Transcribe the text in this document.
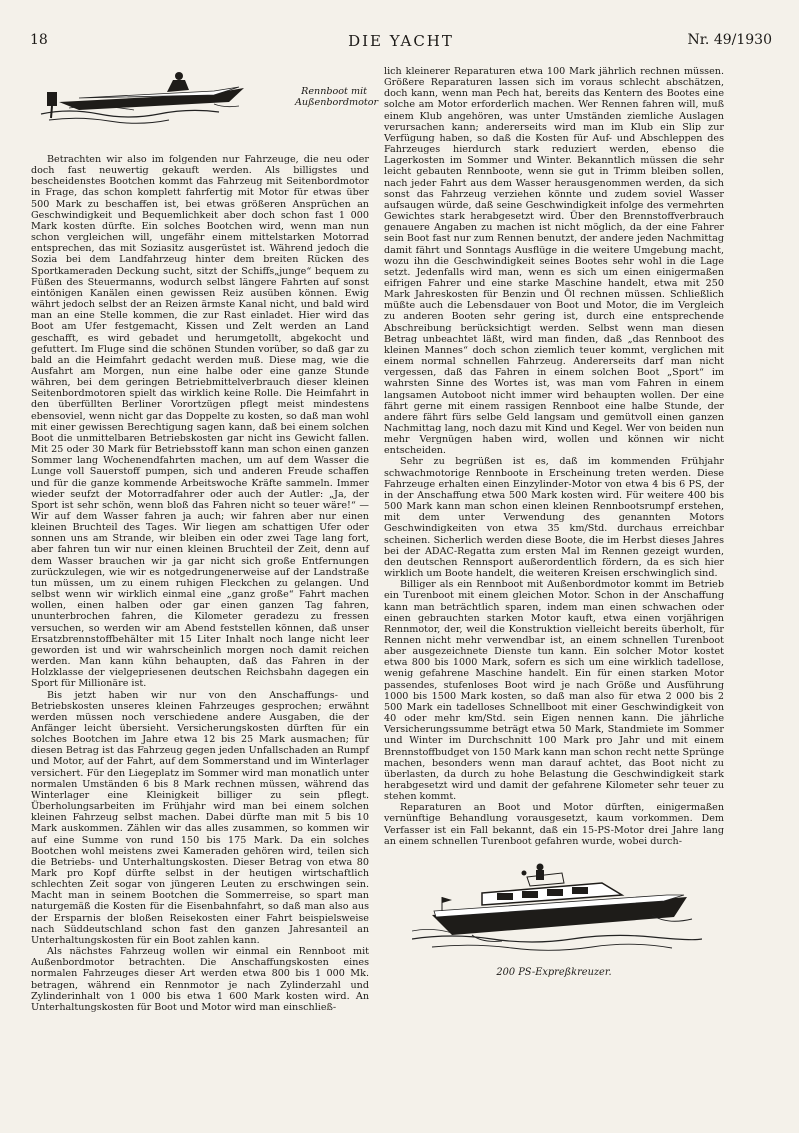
18	DIE YACHT	Nr. 49/1930
Rennboot mit Außenbordmotor

Betrachten wir also im folgenden nur Fahrzeuge, die neu oder doch fast neuwertig gekauft werden. Als billigstes und bescheidenstes Bootchen kommt das Fahrzeug mit Seitenbordmotor in Frage, das schon komplett fahrfertig mit Motor für etwas über 500 Mark zu beschaffen ist, bei etwas größeren Ansprüchen an Geschwindigkeit und Bequemlichkeit aber doch schon fast 1 000 Mark kosten dürfte. Ein solches Bootchen wird, wenn man nun schon vergleichen will, ungefähr einem mittelstarken Motorrad entsprechen, das mit Soziasitz ausgerüstet ist. Während jedoch die Sozia bei dem Landfahrzeug hinter dem breiten Rücken des Sportkameraden Deckung sucht, sitzt der Schiffs„junge“ bequem zu Füßen des Steuermanns, wodurch selbst längere Fahrten auf sonst eintönigen Kanälen einen gewissen Reiz ausüben können. Ewig währt jedoch selbst der an Reizen ärmste Kanal nicht, und bald wird man an eine Stelle kommen, die zur Rast einladet. Hier wird das Boot am Ufer festgemacht, Kissen und Zelt werden an Land geschafft, es wird gebadet und herumgetollt, abgekocht und gefuttert. Im Fluge sind die schönen Stunden vorüber, so daß gar zu bald an die Heimfahrt gedacht werden muß. Diese mag, wie die Ausfahrt am Morgen, nun eine halbe oder eine ganze Stunde währen, bei dem geringen Betriebmittelverbrauch dieser kleinen Seitenbordmotoren spielt das wirklich keine Rolle. Die Heimfahrt in den überfüllten Berliner Vorortzügen pflegt meist mindestens ebensoviel, wenn nicht gar das Doppelte zu kosten, so daß man wohl mit einer gewissen Berechtigung sagen kann, daß bei einem solchen Boot die unmittelbaren Betriebskosten gar nicht ins Gewicht fallen. Mit 25 oder 30 Mark für Betriebsstoff kann man schon einen ganzen Sommer lang Wochenendfahrten machen, um auf dem Wasser die Lunge voll Sauerstoff pumpen, sich und anderen Freude schaffen und für die ganze kommende Arbeitswoche Kräfte sammeln. Immer wieder seufzt der Motorradfahrer oder auch der Autler: „Ja, der Sport ist sehr schön, wenn bloß das Fahren nicht so teuer wäre!“ — Wir auf dem Wasser fahren ja auch; wir fahren aber nur einen kleinen Bruchteil des Tages. Wir liegen am schattigen Ufer oder sonnen uns am Strande, wir bleiben ein oder zwei Tage lang fort, aber fahren tun wir nur einen kleinen Bruchteil der Zeit, denn auf dem Wasser brauchen wir ja gar nicht sich große Entfernungen zurückzulegen, wie wir es notgedrungenerweise auf der Landstraße tun müssen, um zu einem ruhigen Fleckchen zu gelangen. Und selbst wenn wir wirklich einmal eine „ganz große“ Fahrt machen wollen, einen halben oder gar einen ganzen Tag fahren, ununterbrochen fahren, die Kilometer geradezu zu fressen versuchen, so werden wir am Abend feststellen können, daß unser Ersatzbrennstoffbehälter mit 15 Liter Inhalt noch lange nicht leer geworden ist und wir wahrscheinlich morgen noch damit reichen werden. Man kann kühn behaupten, daß das Fahren in der Holzklasse der vielgepriesenen deutschen Reichsbahn dagegen ein Sport für Millionäre ist.

Bis jetzt haben wir nur von den Anschaffungs- und Betriebskosten unseres kleinen Fahrzeuges gesprochen; erwähnt werden müssen noch verschiedene andere Ausgaben, die der Anfänger leicht übersieht. Versicherungskosten dürften für ein solches Bootchen im Jahre etwa 12 bis 25 Mark ausmachen; für diesen Betrag ist das Fahrzeug gegen jeden Unfallschaden an Rumpf und Motor, auf der Fahrt, auf dem Sommerstand und im Winterlager versichert. Für den Liegeplatz im Sommer wird man monatlich unter normalen Umständen 6 bis 8 Mark rechnen müssen, während das Winterlager eine Kleinigkeit billiger zu sein pflegt. Überholungsarbeiten im Frühjahr wird man bei einem solchen kleinen Fahrzeug selbst machen. Dabei dürfte man mit 5 bis 10 Mark auskommen. Zählen wir das alles zusammen, so kommen wir auf eine Summe von rund 150 bis 175 Mark. Da ein solches Bootchen wohl meistens zwei Kameraden gehören wird, teilen sich die Betriebs- und Unterhaltungskosten. Dieser Betrag von etwa 80 Mark pro Kopf dürfte selbst in der heutigen wirtschaftlich schlechten Zeit sogar von jüngeren Leuten zu erschwingen sein. Macht man in seinem Bootchen die Sommerreise, so spart man naturgemäß die Kosten für die Eisenbahnfahrt, so daß man also aus der Ersparnis der bloßen Reisekosten einer Fahrt beispielsweise nach Süddeutschland schon fast den ganzen Jahresanteil an Unterhaltungskosten für ein Boot zahlen kann.

Als nächstes Fahrzeug wollen wir einmal ein Rennboot mit Außenbordmotor betrachten. Die Anschaffungskosten eines normalen Fahrzeuges dieser Art werden etwa 800 bis 1 000 Mk. betragen, während ein Rennmotor je nach Zylinderzahl und Zylinderinhalt von 1 000 bis etwa 1 600 Mark kosten wird. An Unterhaltungskosten für Boot und Motor wird man einschließ-

lich kleinerer Reparaturen etwa 100 Mark jährlich rechnen müssen. Größere Reparaturen lassen sich im voraus schlecht abschätzen, doch kann, wenn man Pech hat, bereits das Kentern des Bootes eine solche am Motor erforderlich machen. Wer Rennen fahren will, muß einem Klub angehören, was unter Umständen ziemliche Auslagen verursachen kann; andererseits wird man im Klub ein Slip zur Verfügung haben, so daß die Kosten für Auf- und Abschleppen des Fahrzeuges hierdurch stark reduziert werden, ebenso die Lagerkosten im Sommer und Winter. Bekanntlich müssen die sehr leicht gebauten Rennboote, wenn sie gut in Trimm bleiben sollen, nach jeder Fahrt aus dem Wasser herausgenommen werden, da sich sonst das Fahrzeug verziehen könnte und zudem soviel Wasser aufsaugen würde, daß seine Geschwindigkeit infolge des vermehrten Gewichtes stark herabgesetzt wird. Über den Brennstoffverbrauch genauere Angaben zu machen ist nicht möglich, da der eine Fahrer sein Boot fast nur zum Rennen benutzt, der andere jeden Nachmittag damit fährt und Sonntags Ausflüge in die weitere Umgebung macht, wozu ihn die Geschwindigkeit seines Bootes sehr wohl in die Lage setzt. Jedenfalls wird man, wenn es sich um einen einigermaßen eifrigen Fahrer und eine starke Maschine handelt, etwa mit 250 Mark Jahreskosten für Benzin und Öl rechnen müssen. Schließlich müßte auch die Lebensdauer von Boot und Motor, die im Vergleich zu anderen Booten sehr gering ist, durch eine entsprechende Abschreibung berücksichtigt werden. Selbst wenn man diesen Betrag unbeachtet läßt, wird man finden, daß „das Rennboot des kleinen Mannes“ doch schon ziemlich teuer kommt, verglichen mit einem normal schnellen Fahrzeug. Andererseits darf man nicht vergessen, daß das Fahren in einem solchen Boot „Sport“ im wahrsten Sinne des Wortes ist, was man vom Fahren in einem langsamen Autoboot nicht immer wird behaupten wollen. Der eine fährt gerne mit einem rassigen Rennboot eine halbe Stunde, der andere fährt fürs selbe Geld langsam und gemütvoll einen ganzen Nachmittag lang, noch dazu mit Kind und Kegel. Wer von beiden nun mehr Vergnügen haben wird, wollen und können wir nicht entscheiden.

Sehr zu begrüßen ist es, daß im kommenden Frühjahr schwachmotorige Rennboote in Erscheinung treten werden. Diese Fahrzeuge erhalten einen Einzylinder-Motor von etwa 4 bis 6 PS, der in der Anschaffung etwa 500 Mark kosten wird. Für weitere 400 bis 500 Mark kann man schon einen kleinen Rennbootsrumpf erstehen, mit dem unter Verwendung des genannten Motors Geschwindigkeiten von etwa 35 km/Std. durchaus erreichbar scheinen. Sicherlich werden diese Boote, die im Herbst dieses Jahres bei der ADAC-Regatta zum ersten Mal im Rennen gezeigt wurden, den deutschen Rennsport außerordentlich fördern, da es sich hier wirklich um Boote handelt, die weiteren Kreisen erschwinglich sind.

Billiger als ein Rennboot mit Außenbordmotor kommt im Betrieb ein Turenboot mit einem gleichen Motor. Schon in der Anschaffung kann man beträchtlich sparen, indem man einen schwachen oder einen gebrauchten starken Motor kauft, etwa einen vorjährigen Rennmotor, der, weil die Konstruktion vielleicht bereits überholt, für Rennen nicht mehr verwendbar ist, an einem schnellen Turenboot aber ausgezeichnete Dienste tun kann. Ein solcher Motor kostet etwa 800 bis 1000 Mark, sofern es sich um eine wirklich tadellose, wenig gefahrene Maschine handelt. Ein für einen starken Motor passendes, stufenloses Boot wird je nach Größe und Ausführung 1000 bis 1500 Mark kosten, so daß man also für etwa 2 000 bis 2 500 Mark ein tadelloses Schnellboot mit einer Geschwindigkeit von 40 oder mehr km/Std. sein Eigen nennen kann. Die jährliche Versicherungssumme beträgt etwa 50 Mark, Standmiete im Sommer und Winter im Durchschnitt 100 Mark pro Jahr und mit einem Brennstoffbudget von 150 Mark kann man schon recht nette Sprünge machen, besonders wenn man darauf achtet, das Boot nicht zu überlasten, da durch zu hohe Belastung die Geschwindigkeit stark herabgesetzt wird und damit der gefahrene Kilometer sehr teuer zu stehen kommt.

Reparaturen an Boot und Motor dürften, einigermaßen vernünftige Behandlung vorausgesetzt, kaum vorkommen. Dem Verfasser ist ein Fall bekannt, daß ein 15-PS-Motor drei Jahre lang an einem schnellen Turenboot gefahren wurde, wobei durch-

200 PS-Expreßkreuzer.
